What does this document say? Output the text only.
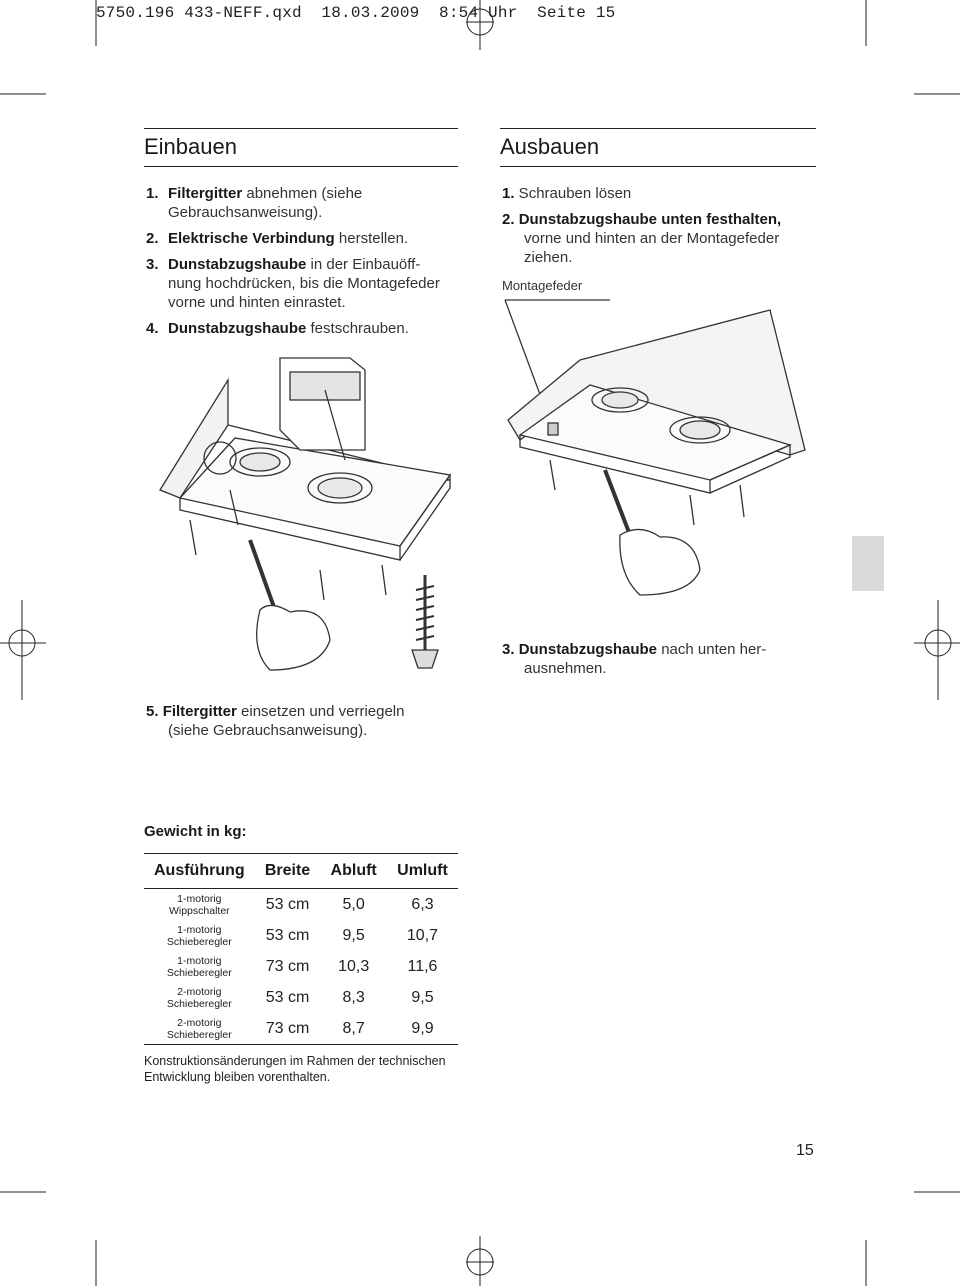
5750.196 433-NEFF.qxd  18.03.2009  8:54 Uhr  Seite 15
Einbauen
1. Filtergitter abnehmen (siehe Gebrauchsanweisung).
2. Elektrische Verbindung herstellen.
3. Dunstabzugshaube in der Einbauöff-nung hochdrücken, bis die Montagefeder vorne und hinten einrastet.
4. Dunstabzugshaube festschrauben.
Ausbauen
1. Schrauben lösen
2. Dunstabzugshaube unten festhalten, vorne und hinten an der Montagefeder ziehen.
Montagefeder
3. Dunstabzugshaube nach unten her-ausnehmen.
5. Filtergitter einsetzen und verriegeln (siehe Gebrauchsanweisung).
Gewicht in kg:
Ausführung	Breite	Abluft	Umluft

1-motorig
Wippschalter	53 cm	5,0	6,3

1-motorig
Schieberegler	53 cm	9,5	10,7

1-motorig
Schieberegler	73 cm	10,3	11,6

2-motorig
Schieberegler	53 cm	8,3	9,5

2-motorig
Schieberegler	73 cm	8,7	9,9
Konstruktionsänderungen im Rahmen der technischen Entwicklung bleiben vorenthalten.
15
